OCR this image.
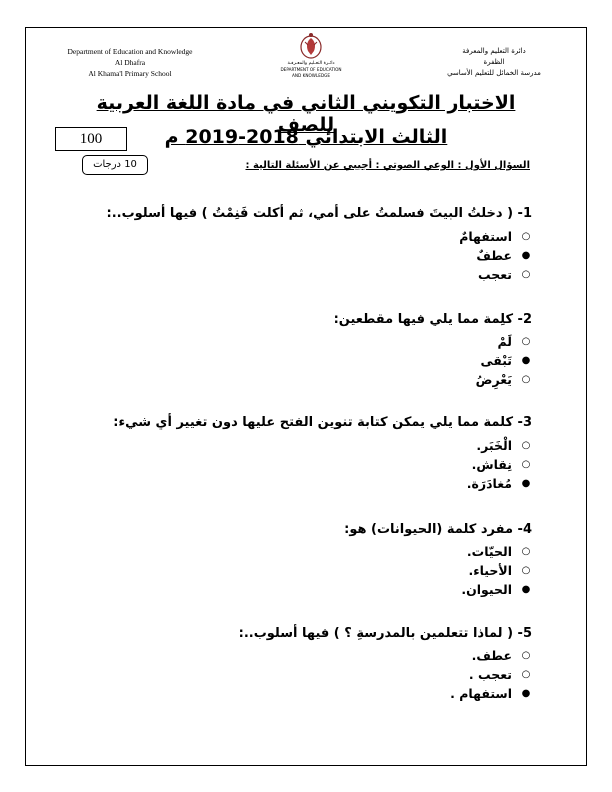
Department of Education and Knowledge
Al Dhafra
Al Khama'l Primary School
دائـرة التعـليم والمعـرفـة
DEPARTMENT OF EDUCATION
AND KNOWLEDGE
دائرة التعليم والمعرفة
الظفرة
مدرسة الخمائل للتعليم الأساسي
الاختبار التكويني الثاني في مادة اللغة العربية للصف
الثالث الابتدائي 2018-2019 م
100
10 درجات	السؤال الأول : الوعي الصوتي : أجيبي عن الأسئلة التالية :
1- ( دخلتُ البيتَ فسلمتُ على أمي، ثم أكلت فَنِمْتُ ) فيها أسلوب..:
○
استفهامٌ
●
عطفٌ
○
تعجب
2- كلِمة مما يلي فيها مقطعين:
○
لَمْ
●
تَبْقى
○
يَعْرِضُ
3- كلمة مما يلي يمكن كتابة تنوين الفتح عليها دون تغيير أي شيء:
○
الْخَبَر.
○
نِقاش.
●
مُغادَرَة.
4- مفرد كلمة (الحيوانات) هو:
○
الحيّات.
○
الأحياء.
●
الحيوان.
5- ( لماذا تتعلمين بالمدرسةِ ؟ ) فيها أسلوب..:
○
عطف.
○
تعجب .
●
استفهام .
